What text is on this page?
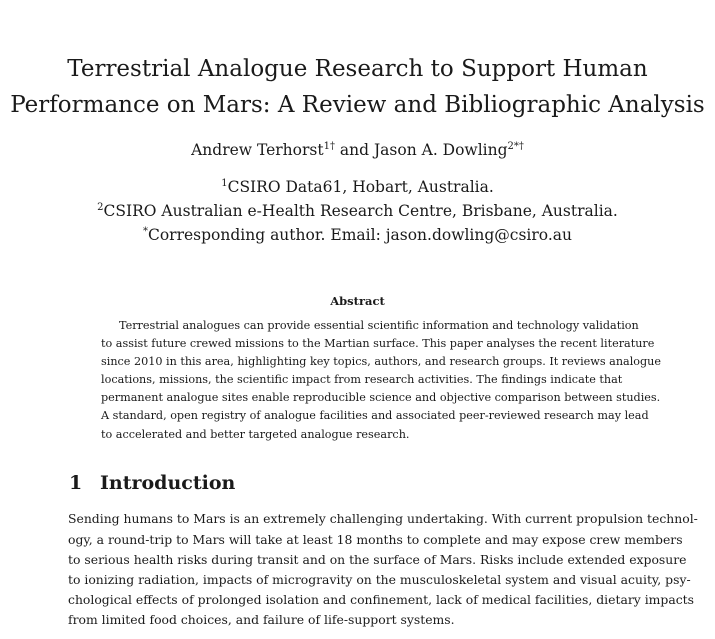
Terrestrial Analogue Research to Support Human
Performance on Mars: A Review and Bibliographic Analysis
Andrew Terhorst$^{1\dagger}$ and Jason A. Dowling$^{2*\dagger}$
$^1$CSIRO Data61, Hobart, Australia.
$^2$CSIRO Australian e-Health Research Centre, Brisbane, Australia.
*Corresponding author. Email: jason.dowling@csiro.au
Abstract
Terrestrial analogues can provide essential scientific information and technology validation
to assist future crewed missions to the Martian surface. This paper analyses the recent literature
since 2010 in this area, highlighting key topics, authors, and research groups. It reviews analogue
locations, missions, the scientific impact from research activities. The findings indicate that
permanent analogue sites enable reproducible science and objective comparison between studies.
A standard, open registry of analogue facilities and associated peer-reviewed research may lead
to accelerated and better targeted analogue research.
1 Introduction
Sending humans to Mars is an extremely challenging undertaking. With current propulsion technol-
ogy, a round-trip to Mars will take at least 18 months to complete and may expose crew members
to serious health risks during transit and on the surface of Mars. Risks include extended exposure
to ionizing radiation, impacts of microgravity on the musculoskeletal system and visual acuity, psy-
chological effects of prolonged isolation and confinement, lack of medical facilities, dietary impacts
from limited food choices, and failure of life-support systems.
